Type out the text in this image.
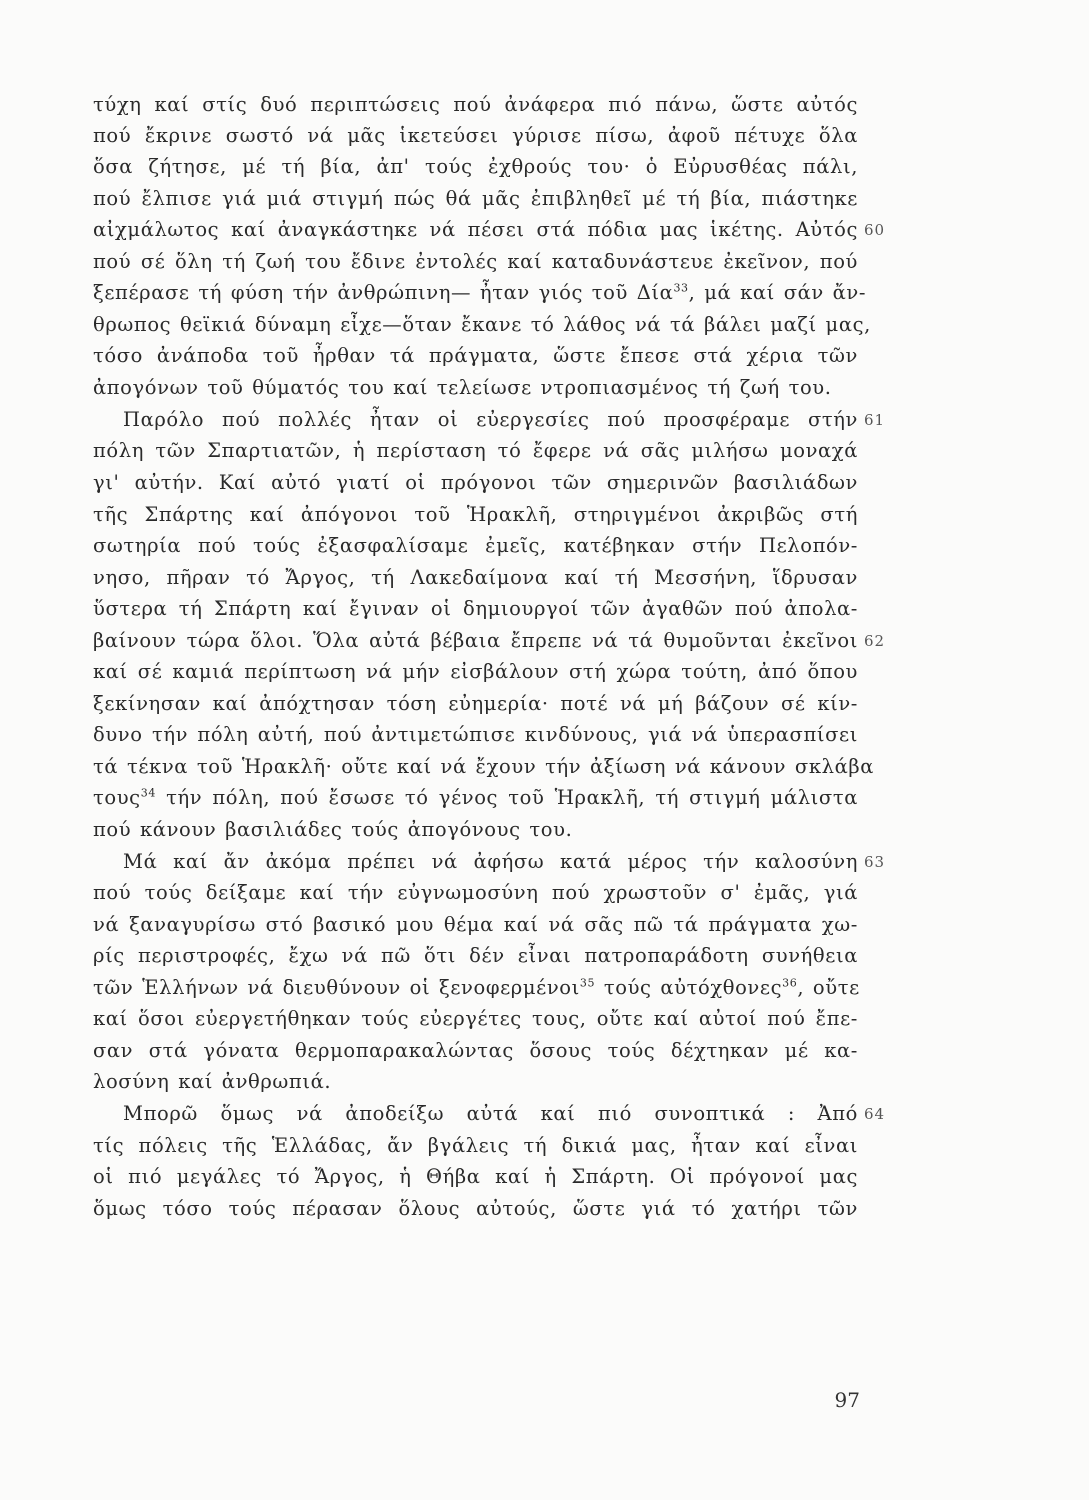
τύχη καί στίς δυό περιπτώσεις πού ἀνάφερα πιό πάνω, ὥστε αὐτός
πού ἔκρινε σωστό νά μᾶς ἱκετεύσει γύρισε πίσω, ἀφοῦ πέτυχε ὅλα
ὅσα ζήτησε, μέ τή βία, ἀπ' τούς ἐχθρούς του· ὁ Εὐρυσθέας πάλι,
πού ἔλπισε γιά μιά στιγμή πώς θά μᾶς ἐπιβληθεῖ μέ τή βία, πιάστηκε
αἰχμάλωτος καί ἀναγκάστηκε νά πέσει στά πόδια μας ἱκέτης. Αὐτός 60
πού σέ ὅλη τή ζωή του ἔδινε ἐντολές καί καταδυνάστευε ἐκεῖνον, πού
ξεπέρασε τή φύση τήν ἀνθρώπινη— ἦταν γιός τοῦ Δία$^{33}$, μά καί σάν ἄν-
θρωπος θεϊκιά δύναμη εἶχε—ὅταν ἔκανε τό λάθος νά τά βάλει μαζί μας,
τόσο ἀνάποδα τοῦ ἦρθαν τά πράγματα, ὥστε ἔπεσε στά χέρια τῶν
ἀπογόνων τοῦ θύματός του καί τελείωσε ντροπιασμένος τή ζωή του.
Παρόλο πού πολλές ἦταν οἱ εὐεργεσίες πού προσφέραμε στήν 61
πόλη τῶν Σπαρτιατῶν, ἡ περίσταση τό ἔφερε νά σᾶς μιλήσω μοναχά
γι' αὐτήν. Καί αὐτό γιατί οἱ πρόγονοι τῶν σημερινῶν βασιλιάδων
τῆς Σπάρτης καί ἀπόγονοι τοῦ Ἡρακλῆ, στηριγμένοι ἀκριβῶς στή
σωτηρία πού τούς ἐξασφαλίσαμε ἐμεῖς, κατέβηκαν στήν Πελοπόν-
νησο, πῆραν τό Ἄργος, τή Λακεδαίμονα καί τή Μεσσήνη, ἵδρυσαν
ὕστερα τή Σπάρτη καί ἔγιναν οἱ δημιουργοί τῶν ἀγαθῶν πού ἀπολα-
βαίνουν τώρα ὅλοι. Ὅλα αὐτά βέβαια ἔπρεπε νά τά θυμοῦνται ἐκεῖνοι 62
καί σέ καμιά περίπτωση νά μήν εἰσβάλουν στή χώρα τούτη, ἀπό ὅπου
ξεκίνησαν καί ἀπόχτησαν τόση εὐημερία· ποτέ νά μή βάζουν σέ κίν-
δυνο τήν πόλη αὐτή, πού ἀντιμετώπισε κινδύνους, γιά νά ὑπερασπίσει
τά τέκνα τοῦ Ἡρακλῆ· οὔτε καί νά ἔχουν τήν ἀξίωση νά κάνουν σκλάβα
τους$^{34}$ τήν πόλη, πού ἔσωσε τό γένος τοῦ Ἡρακλῆ, τή στιγμή μάλιστα
πού κάνουν βασιλιάδες τούς ἀπογόνους του.
Μά καί ἄν ἀκόμα πρέπει νά ἀφήσω κατά μέρος τήν καλοσύνη 63
πού τούς δείξαμε καί τήν εὐγνωμοσύνη πού χρωστοῦν σ' ἐμᾶς, γιά
νά ξαναγυρίσω στό βασικό μου θέμα καί νά σᾶς πῶ τά πράγματα χω-
ρίς περιστροφές, ἔχω νά πῶ ὅτι δέν εἶναι πατροπαράδοτη συνήθεια
τῶν Ἑλλήνων νά διευθύνουν οἱ ξενοφερμένοι$^{35}$ τούς αὐτόχθονες$^{36}$, οὔτε
καί ὅσοι εὐεργετήθηκαν τούς εὐεργέτες τους, οὔτε καί αὐτοί πού ἔπε-
σαν στά γόνατα θερμοπαρακαλώντας ὅσους τούς δέχτηκαν μέ κα-
λοσύνη καί ἀνθρωπιά.
Μπορῶ ὅμως νά ἀποδείξω αὐτά καί πιό συνοπτικά : Ἀπό 64
τίς πόλεις τῆς Ἑλλάδας, ἄν βγάλεις τή δικιά μας, ἦταν καί εἶναι
οἱ πιό μεγάλες τό Ἄργος, ἡ Θήβα καί ἡ Σπάρτη. Οἱ πρόγονοί μας
ὅμως τόσο τούς πέρασαν ὅλους αὐτούς, ὥστε γιά τό χατήρι τῶν
97
